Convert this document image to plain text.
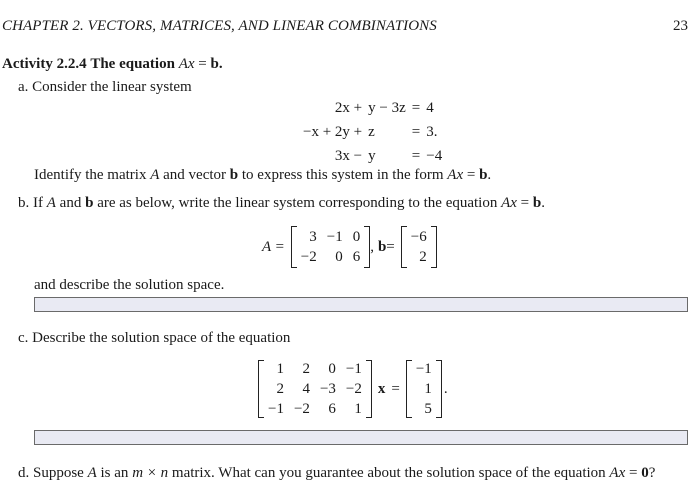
CHAPTER 2. VECTORS, MATRICES, AND LINEAR COMBINATIONS	23
Activity 2.2.4 The equation Ax = b.
a. Consider the linear system
2x +	y − 3z	=	4
−x + 2y +	z	=	3.
3x −	y	=	−4
Identify the matrix A and vector b to express this system in the form Ax = b.
b. If A and b are as below, write the linear system corresponding to the equation Ax = b.
A =
3 −1 0
−2	0 6
, b =
−6
2
and describe the solution space.
c. Describe the solution space of the equation
1	2	0 −1
2	4 −3 −2
−1 −2	6	1
x =
−1
1
5
.
d. Suppose A is an m × n matrix. What can you guarantee about the solution space of the equation Ax = 0?
